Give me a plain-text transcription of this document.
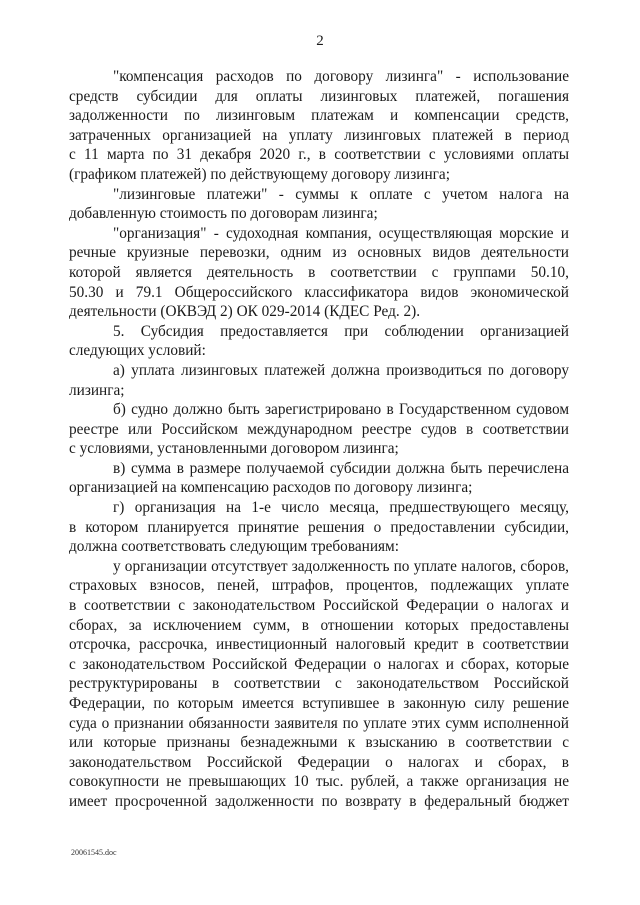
2
"компенсация расходов по договору лизинга" - использование
средств субсидии для оплаты лизинговых платежей, погашения
задолженности по лизинговым платежам и компенсации средств,
затраченных организацией на уплату лизинговых платежей в период
с 11 марта по 31 декабря 2020 г., в соответствии с условиями оплаты
(графиком платежей) по действующему договору лизинга;
"лизинговые платежи" - суммы к оплате с учетом налога на
добавленную стоимость по договорам лизинга;
"организация" - судоходная компания, осуществляющая морские и
речные круизные перевозки, одним из основных видов деятельности
которой является деятельность в соответствии с группами 50.10,
50.30 и 79.1 Общероссийского классификатора видов экономической
деятельности (ОКВЭД 2) ОК 029-2014 (КДЕС Ред. 2).
5. Субсидия предоставляется при соблюдении организацией
следующих условий:
а) уплата лизинговых платежей должна производиться по договору
лизинга;
б) судно должно быть зарегистрировано в Государственном судовом
реестре или Российском международном реестре судов в соответствии
с условиями, установленными договором лизинга;
в) сумма в размере получаемой субсидии должна быть перечислена
организацией на компенсацию расходов по договору лизинга;
г) организация на 1-е число месяца, предшествующего месяцу,
в котором планируется принятие решения о предоставлении субсидии,
должна соответствовать следующим требованиям:
у организации отсутствует задолженность по уплате налогов, сборов,
страховых взносов, пеней, штрафов, процентов, подлежащих уплате
в соответствии с законодательством Российской Федерации о налогах и
сборах, за исключением сумм, в отношении которых предоставлены
отсрочка, рассрочка, инвестиционный налоговый кредит в соответствии
с законодательством Российской Федерации о налогах и сборах, которые
реструктурированы в соответствии с законодательством Российской
Федерации, по которым имеется вступившее в законную силу решение
суда о признании обязанности заявителя по уплате этих сумм исполненной
или которые признаны безнадежными к взысканию в соответствии с
законодательством Российской Федерации о налогах и сборах, в
совокупности не превышающих 10 тыс. рублей, а также организация не
имеет просроченной задолженности по возврату в федеральный бюджет
20061545.doc
